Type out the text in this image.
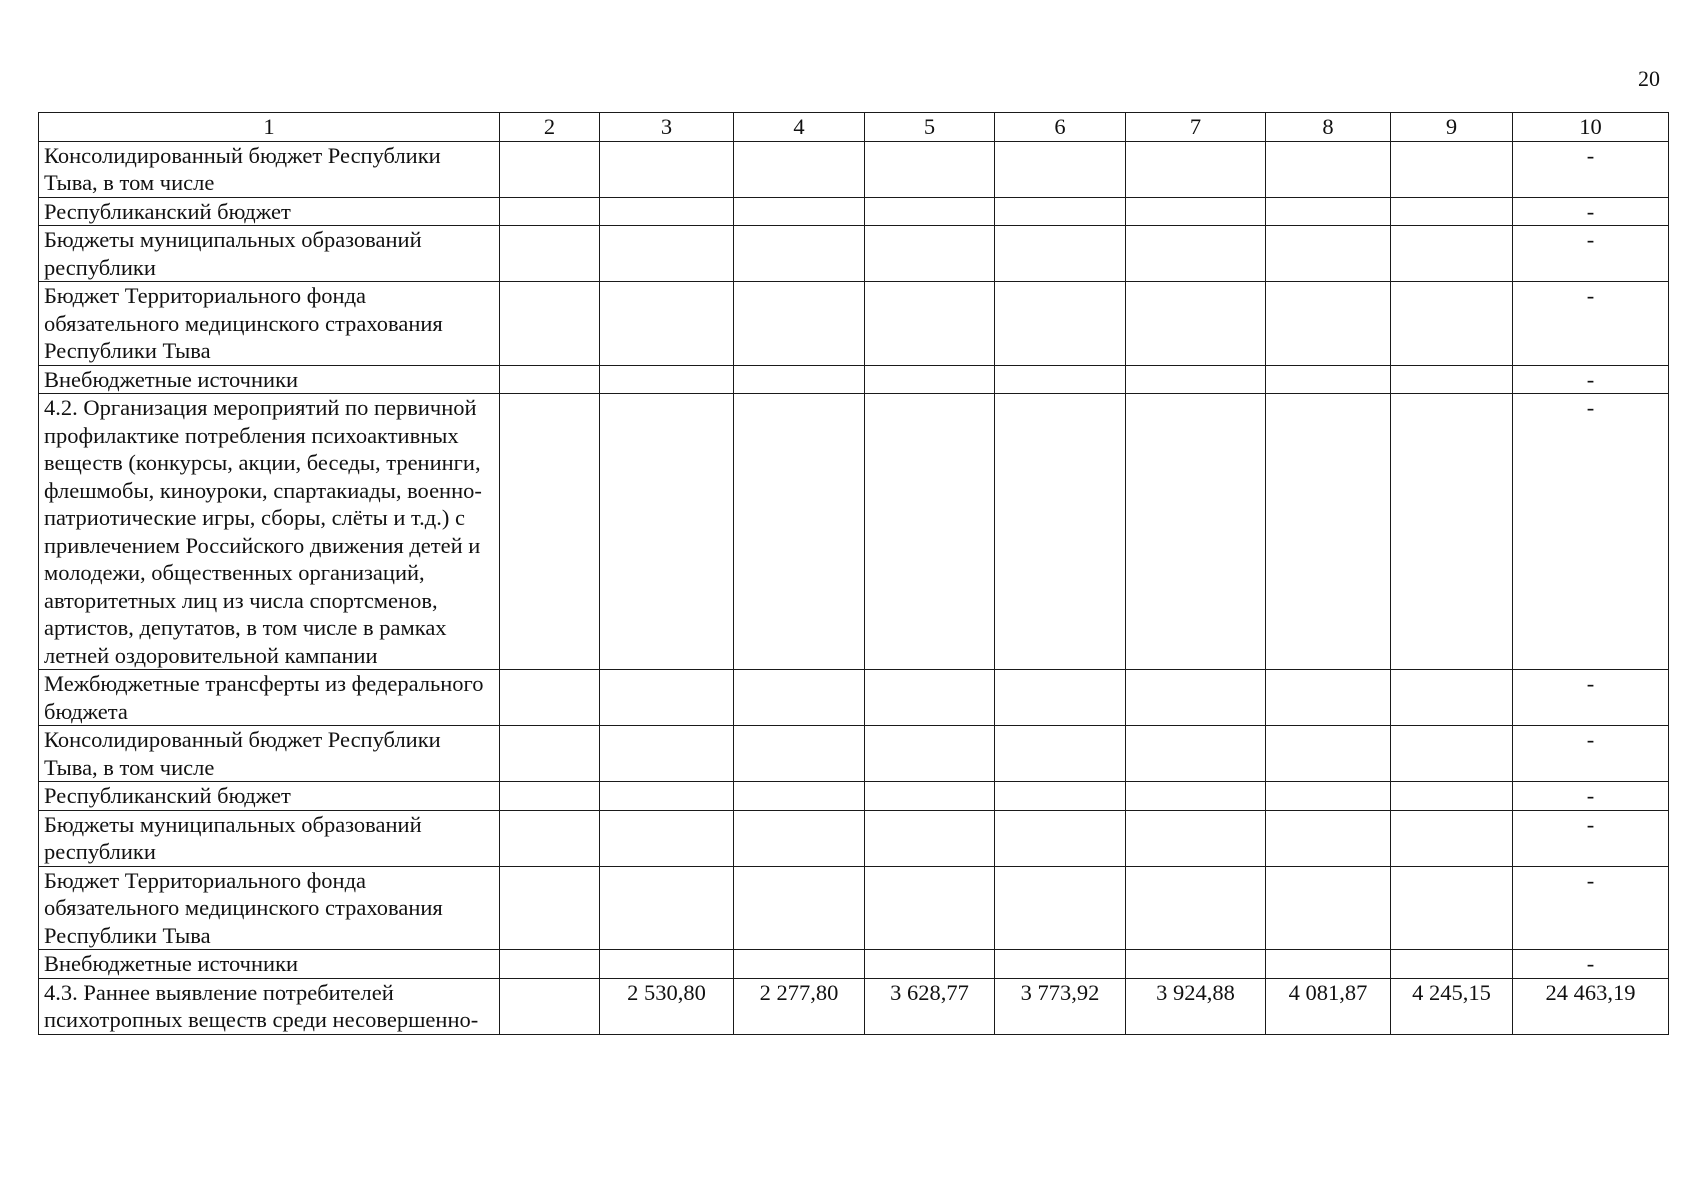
20
1	2	3	4	5	6	7	8	9	10
Консолидированный бюджет Республики Тыва, в том числе									-
Республиканский бюджет									-
Бюджеты муниципальных образований республики									-
Бюджет Территориального фонда обязательного медицинского страхования Республики Тыва									-
Внебюджетные источники									-
4.2. Организация мероприятий по первичной профилактике потребления психоактивных веществ (конкурсы, акции, беседы, тренинги, флешмобы, киноуроки, спартакиады, военно-патриотические игры, сборы, слёты и т.д.) с привлечением Российского движения детей и молодежи, общественных организаций, авторитетных лиц из числа спортсменов, артистов, депутатов, в том числе в рамках летней оздоровительной кампании									-
Межбюджетные трансферты из федерального бюджета									-
Консолидированный бюджет Республики Тыва, в том числе									-
Республиканский бюджет									-
Бюджеты муниципальных образований республики									-
Бюджет Территориального фонда обязательного медицинского страхования Республики Тыва									-
Внебюджетные источники									-
4.3. Раннее выявление потребителей психотропных веществ среди несовершенно-		2 530,80	2 277,80	3 628,77	3 773,92	3 924,88	4 081,87	4 245,15	24 463,19
